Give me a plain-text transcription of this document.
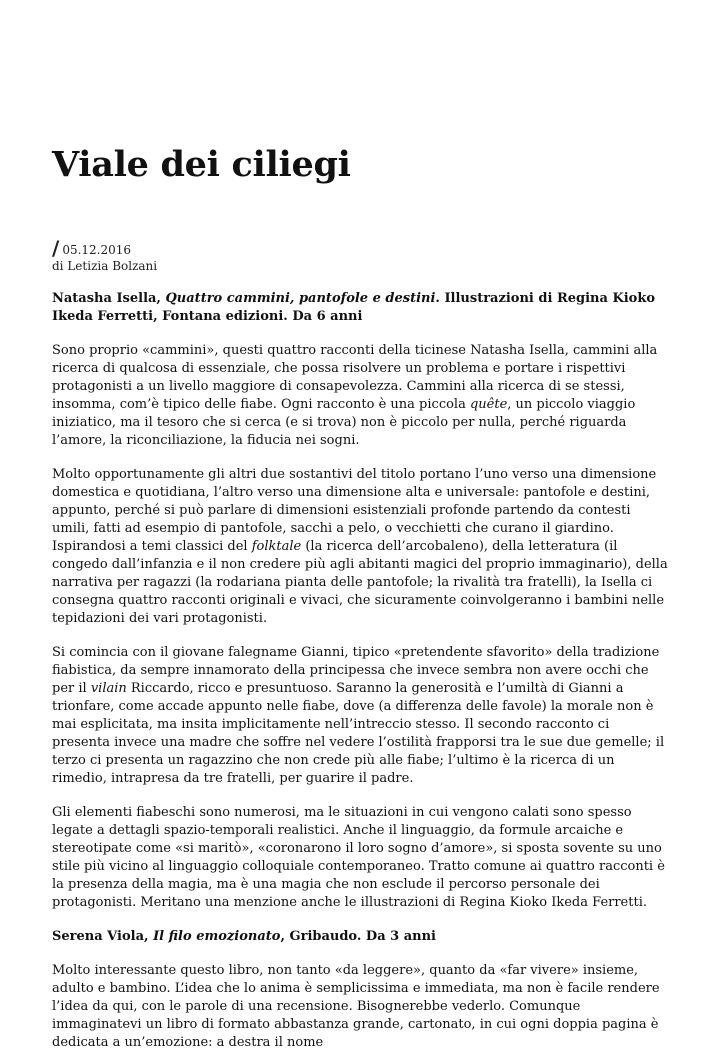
Viale dei ciliegi
/ 05.12.2016
di Letizia Bolzani

Natasha Isella, Quattro cammini, pantofole e destini. Illustrazioni di Regina Kioko Ikeda Ferretti, Fontana edizioni. Da 6 anni

Sono proprio «cammini», questi quattro racconti della ticinese Natasha Isella, cammini alla ricerca di qualcosa di essenziale, che possa risolvere un problema e portare i rispettivi protagonisti a un livello maggiore di consapevolezza. Cammini alla ricerca di se stessi, insomma, com’è tipico delle fiabe. Ogni racconto è una piccola quête, un piccolo viaggio iniziatico, ma il tesoro che si cerca (e si trova) non è piccolo per nulla, perché riguarda l’amore, la riconciliazione, la fiducia nei sogni.

Molto opportunamente gli altri due sostantivi del titolo portano l’uno verso una dimensione domestica e quotidiana, l’altro verso una dimensione alta e universale: pantofole e destini, appunto, perché si può parlare di dimensioni esistenziali profonde partendo da contesti umili, fatti ad esempio di pantofole, sacchi a pelo, o vecchietti che curano il giardino. Ispirandosi a temi classici del folktale (la ricerca dell’arcobaleno), della letteratura (il congedo dall’infanzia e il non credere più agli abitanti magici del proprio immaginario), della narrativa per ragazzi (la rodariana pianta delle pantofole; la rivalità tra fratelli), la Isella ci consegna quattro racconti originali e vivaci, che sicuramente coinvolgeranno i bambini nelle tepidazioni dei vari protagonisti.

Si comincia con il giovane falegname Gianni, tipico «pretendente sfavorito» della tradizione fiabistica, da sempre innamorato della principessa che invece sembra non avere occhi che per il vilain Riccardo, ricco e presuntuoso. Saranno la generosità e l’umiltà di Gianni a trionfare, come accade appunto nelle fiabe, dove (a differenza delle favole) la morale non è mai esplicitata, ma insita implicitamente nell’intreccio stesso. Il secondo racconto ci presenta invece una madre che soffre nel vedere l’ostilità frapporsi tra le sue due gemelle; il terzo ci presenta un ragazzino che non crede più alle fiabe; l’ultimo è la ricerca di un rimedio, intrapresa da tre fratelli, per guarire il padre.

Gli elementi fiabeschi sono numerosi, ma le situazioni in cui vengono calati sono spesso legate a dettagli spazio-temporali realistici. Anche il linguaggio, da formule arcaiche e stereotipate come «si maritò», «coronarono il loro sogno d’amore», si sposta sovente su uno stile più vicino al linguaggio colloquiale contemporaneo. Tratto comune ai quattro racconti è la presenza della magia, ma è una magia che non esclude il percorso personale dei protagonisti. Meritano una menzione anche le illustrazioni di Regina Kioko Ikeda Ferretti.

Serena Viola, Il filo emozionato, Gribaudo. Da 3 anni

Molto interessante questo libro, non tanto «da leggere», quanto da «far vivere» insieme, adulto e bambino. L’idea che lo anima è semplicissima e immediata, ma non è facile rendere l’idea da qui, con le parole di una recensione. Bisognerebbe vederlo. Comunque immaginatevi un libro di formato abbastanza grande, cartonato, in cui ogni doppia pagina è dedicata a un’emozione: a destra il nome
